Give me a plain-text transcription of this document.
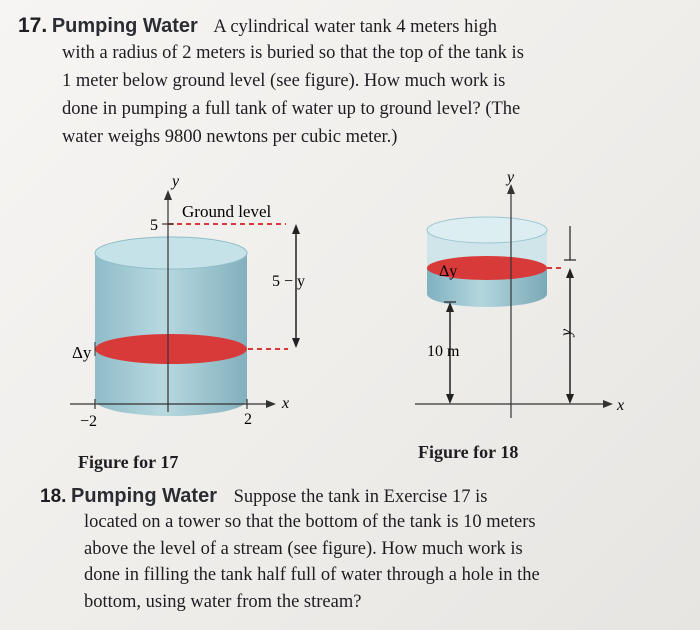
17. Pumping Water A cylindrical water tank 4 meters high
with a radius of 2 meters is buried so that the top of the tank is
1 meter below ground level (see figure). How much work is
done in pumping a full tank of water up to ground level? (The
water weighs 9800 newtons per cubic meter.)
y
x
Ground level
5
−2	2
5 − y
Δy
y
x
Δy
10 m
y
Figure for 17	Figure for 18
18. Pumping Water Suppose the tank in Exercise 17 is
located on a tower so that the bottom of the tank is 10 meters
above the level of a stream (see figure). How much work is
done in filling the tank half full of water through a hole in the
bottom, using water from the stream?
